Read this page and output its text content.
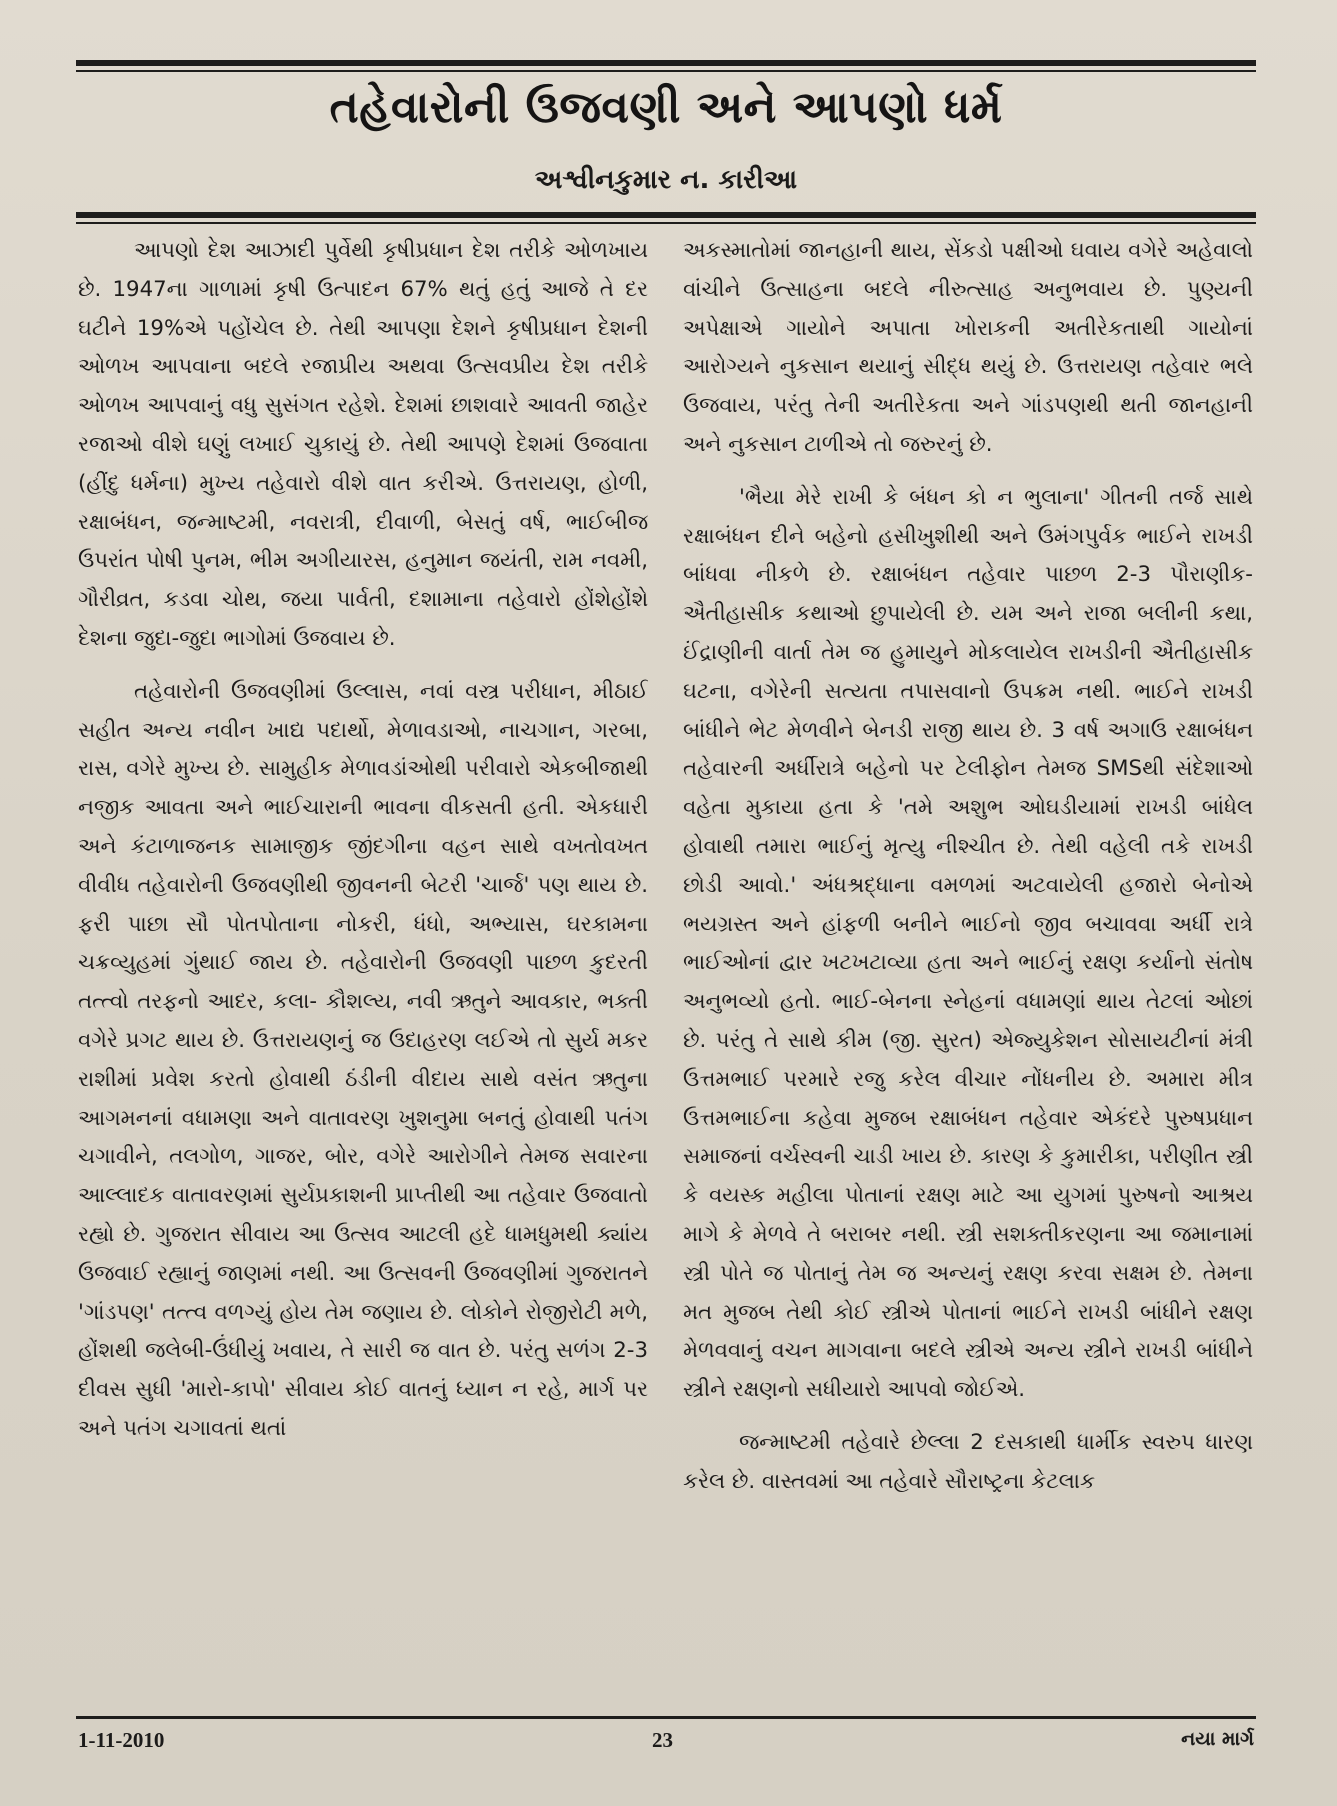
તહેવારોની ઉજવણી અને આપણો ધર્મ
અશ્વીનકુમાર ન. કારીઆ

આપણો દેશ આઝાદી પુર્વેથી કૃષીપ્રધાન દેશ તરીકે ઓળખાય છે. 1947ના ગાળામાં કૃષી ઉત્પાદન 67% થતું હતું આજે તે દર ઘટીને 19%એ પહોંચેલ છે. તેથી આપણા દેશને કૃષીપ્રધાન દેશની ઓળખ આપવાના બદલે રજાપ્રીય અથવા ઉત્સવપ્રીય દેશ તરીકે ઓળખ આપવાનું વધુ સુસંગત રહેશે. દેશમાં છાશવારે આવતી જાહેર રજાઓ વીશે ઘણું લખાઈ ચુકાયું છે. તેથી આપણે દેશમાં ઉજવાતા (હીંદુ ધર્મના) મુખ્ય તહેવારો વીશે વાત કરીએ. ઉત્તરાયણ, હોળી, રક્ષાબંધન, જન્માષ્ટમી, નવરાત્રી, દીવાળી, બેસતું વર્ષ, ભાઈબીજ ઉપરાંત પોષી પુનમ, ભીમ અગીયારસ, હનુમાન જયંતી, રામ નવમી, ગૌરીવ્રત, કડવા ચોથ, જયા પાર્વતી, દશામાના તહેવારો હોંશેહોંશે દેશના જુદા-જુદા ભાગોમાં ઉજવાય છે.

તહેવારોની ઉજવણીમાં ઉલ્લાસ, નવાં વસ્ત્ર પરીધાન, મીઠાઈ સહીત અન્ય નવીન ખાદ્ય પદાર્થો, મેળાવડાઓ, નાચગાન, ગરબા, રાસ, વગેરે મુખ્ય છે. સામુહીક મેળાવડાંઓથી પરીવારો એકબીજાથી નજીક આવતા અને ભાઈચારાની ભાવના વીકસતી હતી. એકધારી અને કંટાળાજનક સામાજીક જીંદગીના વહન સાથે વખતોવખત વીવીધ તહેવારોની ઉજવણીથી જીવનની બેટરી 'ચાર્જ' પણ થાય છે. ફરી પાછા સૌ પોતપોતાના નોકરી, ધંધો, અભ્યાસ, ઘરકામના ચક્રવ્યુહમાં ગુંથાઈ જાય છે. તહેવારોની ઉજવણી પાછળ કુદરતી તત્ત્વો તરફનો આદર, કલા- કૌશલ્ય, નવી ઋતુને આવકાર, ભક્તી વગેરે પ્રગટ થાય છે. ઉત્તરાયણનું જ ઉદાહરણ લઈએ તો સુર્ય મકર રાશીમાં પ્રવેશ કરતો હોવાથી ઠંડીની વીદાય સાથે વસંત ઋતુના આગમનનાં વધામણા અને વાતાવરણ ખુશનુમા બનતું હોવાથી પતંગ ચગાવીને, તલગોળ, ગાજર, બોર, વગેરે આરોગીને તેમજ સવારના આલ્લાદક વાતાવરણમાં સુર્યપ્રકાશની પ્રાપ્તીથી આ તહેવાર ઉજવાતો રહ્યો છે. ગુજરાત સીવાય આ ઉત્સવ આટલી હદે ધામધુમથી ક્યાંય ઉજવાઈ રહ્યાનું જાણમાં નથી. આ ઉત્સવની ઉજવણીમાં ગુજરાતને 'ગાંડપણ' તત્ત્વ વળગ્યું હોય તેમ જણાય છે. લોકોને રોજીરોટી મળે, હોંશથી જલેબી-ઉંધીયું ખવાય, તે સારી જ વાત છે. પરંતુ સળંગ 2-3 દીવસ સુધી 'મારો-કાપો' સીવાય કોઈ વાતનું ધ્યાન ન રહે, માર્ગ પર અને પતંગ ચગાવતાં થતાં

અકસ્માતોમાં જાનહાની થાય, સેંકડો પક્ષીઓ ઘવાય વગેરે અહેવાલો વાંચીને ઉત્સાહના બદલે નીરુત્સાહ અનુભવાય છે. પુણ્યની અપેક્ષાએ ગાયોને અપાતા ખોરાકની અતીરેકતાથી ગાયોનાં આરોગ્યને નુકસાન થયાનું સીદ્ધ થયું છે. ઉત્તરાયણ તહેવાર ભલે ઉજવાય, પરંતુ તેની અતીરેકતા અને ગાંડપણથી થતી જાનહાની અને નુકસાન ટાળીએ તો જરુરનું છે.

'ભૈયા મેરે રાખી કે બંધન કો ન ભુલાના' ગીતની તર્જ સાથે રક્ષાબંધન દીને બહેનો હસીખુશીથી અને ઉમંગપુર્વક ભાઈને રાખડી બાંધવા નીકળે છે. રક્ષાબંધન તહેવાર પાછળ 2-3 પૌરાણીક-ઐતીહાસીક કથાઓ છુપાયેલી છે. યમ અને રાજા બલીની કથા, ઈંદ્રાણીની વાર્તા તેમ જ હુમાયુને મોકલાયેલ રાખડીની ઐતીહાસીક ઘટના, વગેરેની સત્યતા તપાસવાનો ઉપક્રમ નથી. ભાઈને રાખડી બાંધીને ભેટ મેળવીને બેનડી રાજી થાય છે. 3 વર્ષ અગાઉ રક્ષાબંધન તહેવારની અર્ધીરાત્રે બહેનો પર ટેલીફોન તેમજ SMSથી સંદેશાઓ વહેતા મુકાયા હતા કે 'તમે અશુભ ઓઘડીયામાં રાખડી બાંધેલ હોવાથી તમારા ભાઈનું મૃત્યુ નીશ્ચીત છે. તેથી વહેલી તકે રાખડી છોડી આવો.' અંધશ્રદ્ધાના વમળમાં અટવાયેલી હજારો બેનોએ ભયગ્રસ્ત અને હાંફળી બનીને ભાઈનો જીવ બચાવવા અર્ધી રાત્રે ભાઈઓનાં દ્વાર ખટખટાવ્યા હતા અને ભાઈનું રક્ષણ કર્યાનો સંતોષ અનુભવ્યો હતો. ભાઈ-બેનના સ્નેહનાં વધામણાં થાય તેટલાં ઓછાં છે. પરંતુ તે સાથે કીમ (જી. સુરત) એજ્યુકેશન સોસાયટીનાં મંત્રી ઉત્તમભાઈ પરમારે રજુ કરેલ વીચાર નોંધનીય છે. અમારા મીત્ર ઉત્તમભાઈના કહેવા મુજબ રક્ષાબંધન તહેવાર એકંદરે પુરુષપ્રધાન સમાજનાં વર્ચસ્વની ચાડી ખાય છે. કારણ કે કુમારીકા, પરીણીત સ્ત્રી કે વયસ્ક મહીલા પોતાનાં રક્ષણ માટે આ યુગમાં પુરુષનો આશ્રય માગે કે મેળવે તે બરાબર નથી. સ્ત્રી સશક્તીકરણના આ જમાનામાં સ્ત્રી પોતે જ પોતાનું તેમ જ અન્યનું રક્ષણ કરવા સક્ષમ છે. તેમના મત મુજબ તેથી કોઈ સ્ત્રીએ પોતાનાં ભાઈને રાખડી બાંધીને રક્ષણ મેળવવાનું વચન માગવાના બદલે સ્ત્રીએ અન્ય સ્ત્રીને રાખડી બાંધીને સ્ત્રીને રક્ષણનો સધીયારો આપવો જોઈએ.

જન્માષ્ટમી તહેવારે છેલ્લા 2 દસકાથી ધાર્મીક સ્વરુપ ધારણ કરેલ છે. વાસ્તવમાં આ તહેવારે સૌરાષ્ટ્રના કેટલાક

1-11-2010	23	નયા માર્ગ
